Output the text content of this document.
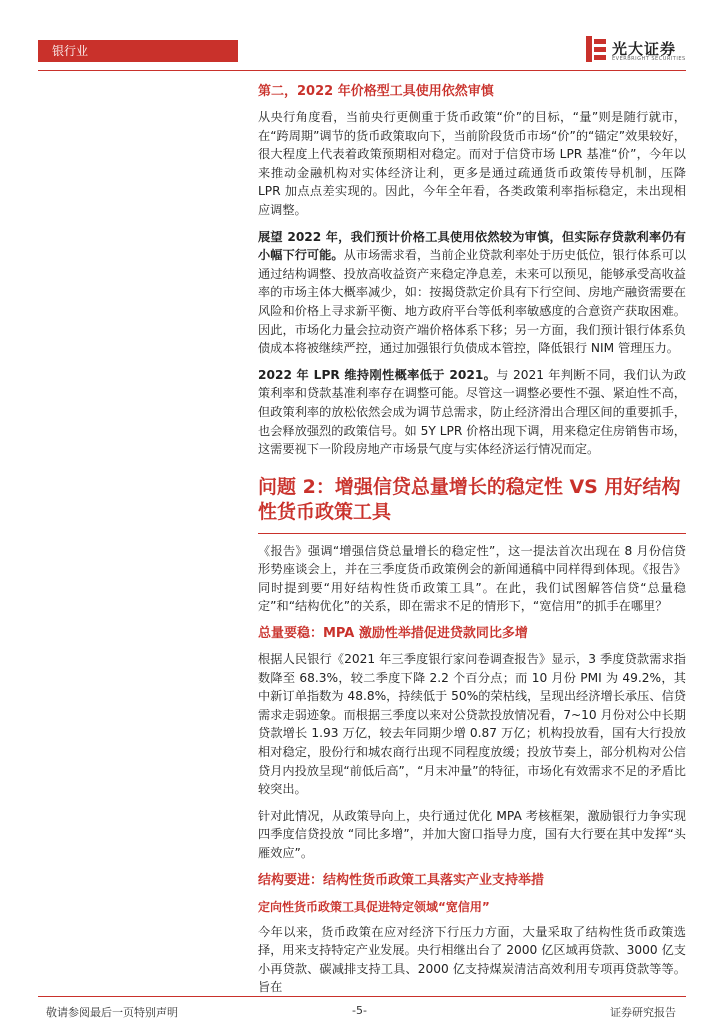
银行业	光大证券
EVERBRIGHT SECURITIES
第二，2022 年价格型工具使用依然审慎

从央行角度看，当前央行更侧重于货币政策“价”的目标，“量”则是随行就市，在“跨周期”调节的货币政策取向下，当前阶段货币市场“价”的“锚定”效果较好，很大程度上代表着政策预期相对稳定。而对于信贷市场 LPR 基准“价”，今年以来推动金融机构对实体经济让利，更多是通过疏通货币政策传导机制，压降 LPR 加点点差实现的。因此，今年全年看，各类政策利率指标稳定，未出现相应调整。

展望 2022 年，我们预计价格工具使用依然较为审慎，但实际存贷款利率仍有小幅下行可能。从市场需求看，当前企业贷款利率处于历史低位，银行体系可以通过结构调整、投放高收益资产来稳定净息差，未来可以预见，能够承受高收益率的市场主体大概率减少，如：按揭贷款定价具有下行空间、房地产融资需要在风险和价格上寻求新平衡、地方政府平台等低利率敏感度的合意资产获取困难。因此，市场化力量会拉动资产端价格体系下移；另一方面，我们预计银行体系负债成本将被继续严控，通过加强银行负债成本管控，降低银行 NIM 管理压力。

2022 年 LPR 维持刚性概率低于 2021。与 2021 年判断不同，我们认为政策利率和贷款基准利率存在调整可能。尽管这一调整必要性不强、紧迫性不高，但政策利率的放松依然会成为调节总需求，防止经济滑出合理区间的重要抓手，也会释放强烈的政策信号。如 5Y LPR 价格出现下调，用来稳定住房销售市场，这需要视下一阶段房地产市场景气度与实体经济运行情况而定。

问题 2：增强信贷总量增长的稳定性 VS 用好结构性货币政策工具

《报告》强调“增强信贷总量增长的稳定性”，这一提法首次出现在 8 月份信贷形势座谈会上，并在三季度货币政策例会的新闻通稿中同样得到体现。《报告》同时提到要“用好结构性货币政策工具”。在此，我们试图解答信贷“总量稳定”和“结构优化”的关系，即在需求不足的情形下，“宽信用”的抓手在哪里？

总量要稳：MPA 激励性举措促进贷款同比多增

根据人民银行《2021 年三季度银行家问卷调查报告》显示，3 季度贷款需求指数降至 68.3%，较二季度下降 2.2 个百分点；而 10 月份 PMI 为 49.2%，其中新订单指数为 48.8%，持续低于 50%的荣枯线，呈现出经济增长承压、信贷需求走弱迹象。而根据三季度以来对公贷款投放情况看，7~10 月份对公中长期贷款增长 1.93 万亿，较去年同期少增 0.87 万亿；机构投放看，国有大行投放相对稳定，股份行和城农商行出现不同程度放缓；投放节奏上，部分机构对公信贷月内投放呈现“前低后高”，“月末冲量”的特征，市场化有效需求不足的矛盾比较突出。

针对此情况，从政策导向上，央行通过优化 MPA 考核框架，激励银行力争实现四季度信贷投放 “同比多增”，并加大窗口指导力度，国有大行要在其中发挥“头雁效应”。

结构要进：结构性货币政策工具落实产业支持举措
定向性货币政策工具促进特定领域“宽信用”

今年以来，货币政策在应对经济下行压力方面，大量采取了结构性货币政策选择，用来支持特定产业发展。央行相继出台了 2000 亿区域再贷款、3000 亿支小再贷款、碳减排支持工具、2000 亿支持煤炭清洁高效利用专项再贷款等等。旨在

敬请参阅最后一页特别声明	-5-	证券研究报告
